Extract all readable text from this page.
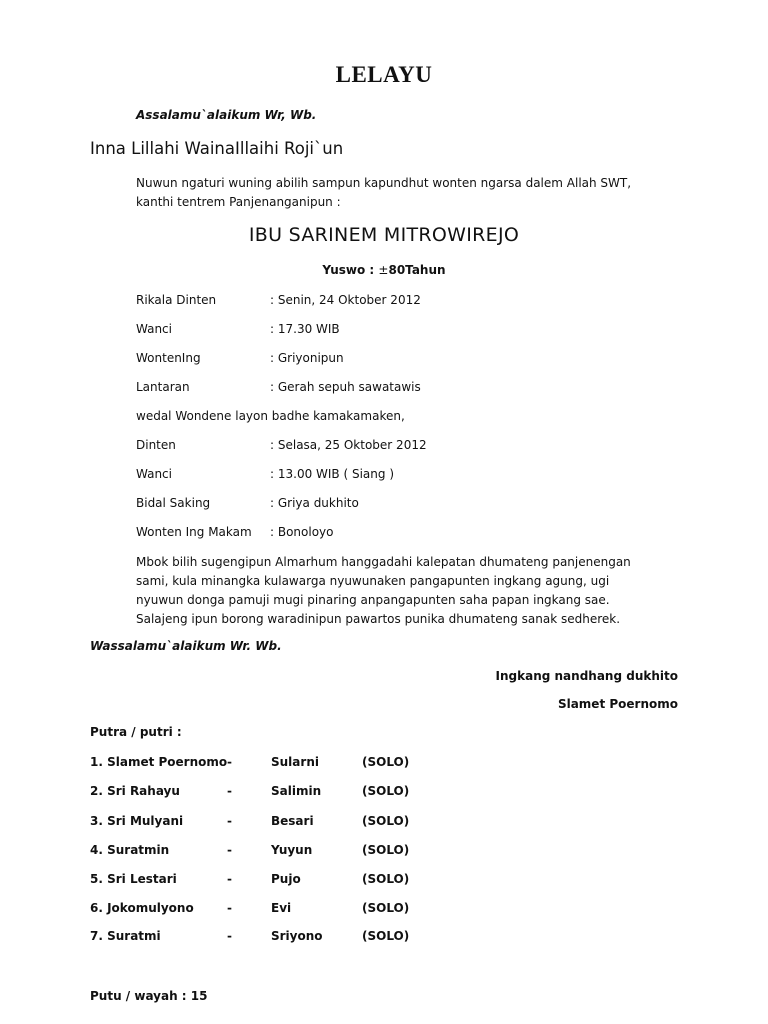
LELAYU
Assalamu`alaikum Wr, Wb.
Inna Lillahi WainaIllaihi Roji`un
Nuwun ngaturi wuning abilih sampun kapundhut wonten ngarsa dalem Allah SWT, kanthi tentrem Panjenanganipun :
IBU SARINEM MITROWIREJO
Yuswo : ±80Tahun
Rikala Dinten	: Senin, 24 Oktober 2012
Wanci	: 17.30 WIB
WontenIng	: Griyonipun
Lantaran	: Gerah sepuh sawatawis
wedal Wondene layon badhe kamakamaken,
Dinten	: Selasa, 25 Oktober 2012
Wanci	: 13.00 WIB ( Siang )
Bidal Saking	: Griya dukhito
Wonten Ing Makam : Bonoloyo
Mbok bilih sugengipun Almarhum hanggadahi kalepatan dhumateng panjenengan sami, kula minangka kulawarga nyuwunaken pangapunten ingkang agung, ugi nyuwun donga pamuji mugi pinaring anpangapunten saha papan ingkang sae. Salajeng ipun borong waradinipun pawartos punika dhumateng sanak sedherek.
Wassalamu`alaikum Wr. Wb.
Ingkang nandhang dukhito
Slamet Poernomo
Putra / putri :
1. Slamet Poernomo -	Sularni	(SOLO)
2. Sri Rahayu	-	Salimin	(SOLO)
3. Sri Mulyani	-	Besari	(SOLO)
4. Suratmin	-	Yuyun	(SOLO)
5. Sri Lestari	-	Pujo	(SOLO)
6. Jokomulyono	-	Evi	(SOLO)
7. Suratmi	-	Sriyono	(SOLO)
Putu / wayah : 15
